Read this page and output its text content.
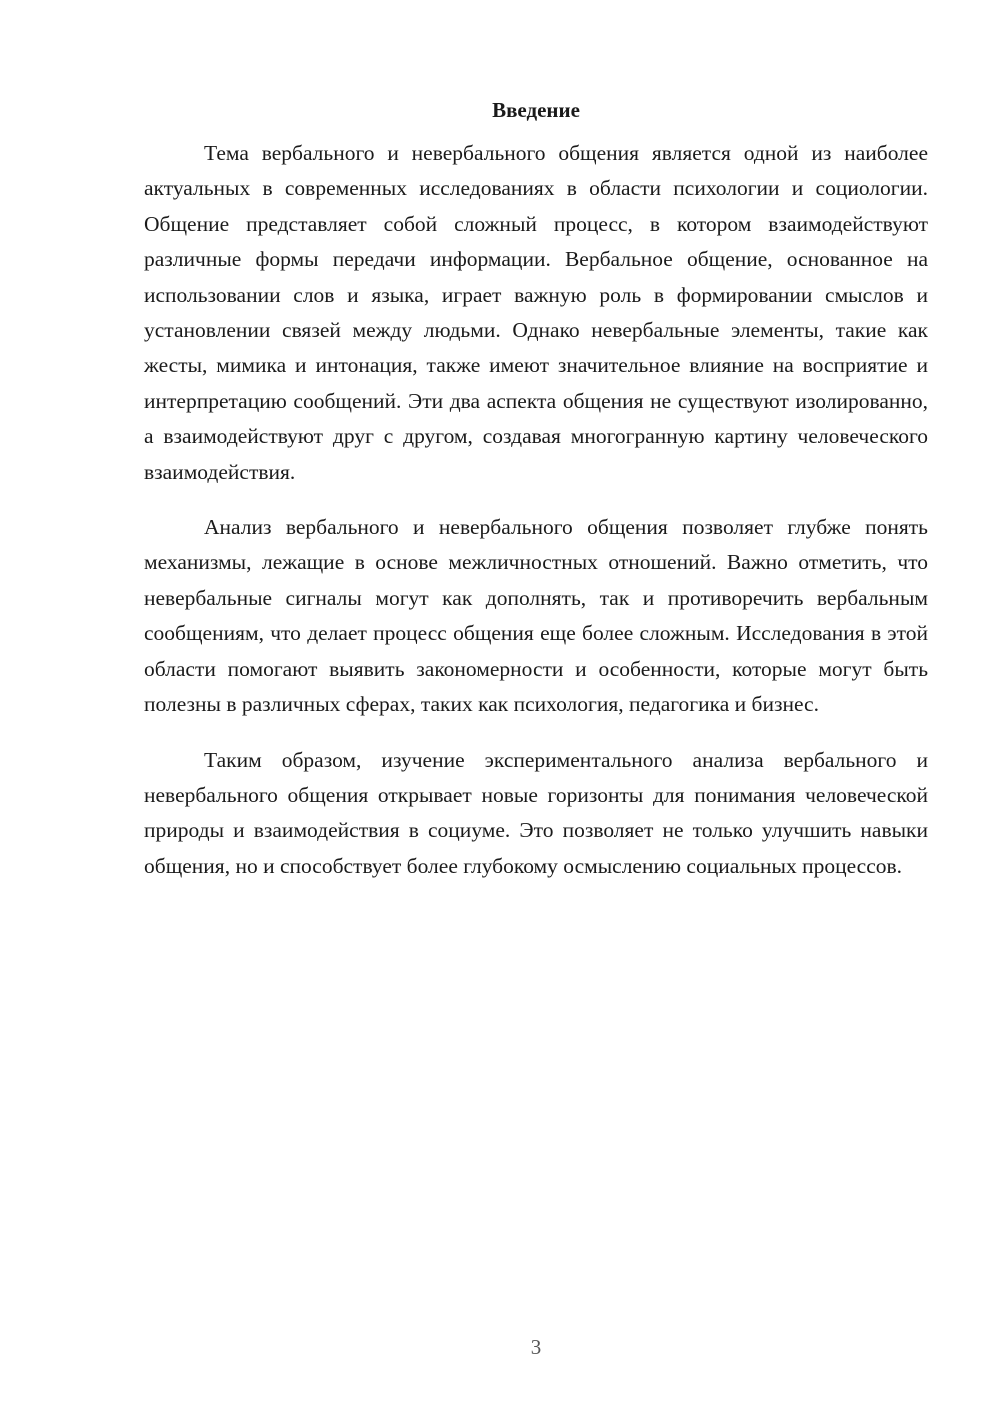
Введение

Тема вербального и невербального общения является одной из наиболее актуальных в современных исследованиях в области психологии и социологии. Общение представляет собой сложный процесс, в котором взаимодействуют различные формы передачи информации. Вербальное общение, основанное на использовании слов и языка, играет важную роль в формировании смыслов и установлении связей между людьми. Однако невербальные элементы, такие как жесты, мимика и интонация, также имеют значительное влияние на восприятие и интерпретацию сообщений. Эти два аспекта общения не существуют изолированно, а взаимодействуют друг с другом, создавая многогранную картину человеческого взаимодействия.

Анализ вербального и невербального общения позволяет глубже понять механизмы, лежащие в основе межличностных отношений. Важно отметить, что невербальные сигналы могут как дополнять, так и противоречить вербальным сообщениям, что делает процесс общения еще более сложным. Исследования в этой области помогают выявить закономерности и особенности, которые могут быть полезны в различных сферах, таких как психология, педагогика и бизнес.

Таким образом, изучение экспериментального анализа вербального и невербального общения открывает новые горизонты для понимания человеческой природы и взаимодействия в социуме. Это позволяет не только улучшить навыки общения, но и способствует более глубокому осмыслению социальных процессов.

3
